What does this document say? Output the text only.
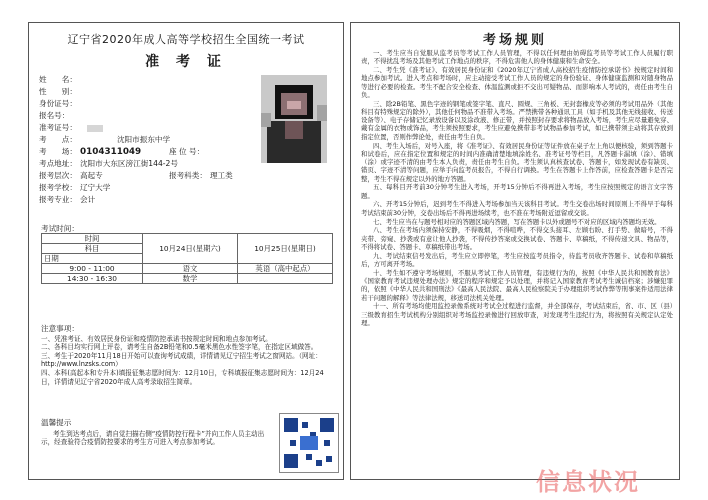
辽宁省2020年成人高等学校招生全国统一考试
准 考 证
姓　　名：
性　　别：
身份证号：
报名号：
准考证号：
考　　点：	沈阳市振东中学
考　　场： 0104311049	座 位 号：
考点地址： 沈阳市大东区滂江街144-2号
报考层次： 高起专	报考科类： 理工类
报考学校： 辽宁大学
报考专业： 会计
考试时间：
时间	10月24日(星期六)	10月25日(星期日)
科目		
日期		
9:00 - 11:00	语文	英语（高中起点）
14:30 - 16:30	数学	

注意事项：

一、凭准考证、有效居民身份证和疫情防控承诺书按规定时间和地点参加考试。

二、各科目均实行网上评卷，请考生自备2B铅笔和0.5毫米黑色水性签字笔，在指定区域做答。

三、考生于2020年11月18日开始可以查询考试成绩，详情请见辽宁招生考试之窗网站。（网址：http://www.lnzsks.com）

四、本科(高起本和专升本)填报征集志愿时间为：12月10日，专科填报征集志愿时间为：12月24日，详情请见辽宁省2020年成人高考录取招生简章。

温馨提示

考生到达考点后，请自觉扫描右侧“疫情防控行程卡”并向工作人员主动出示，经查验符合疫情防控要求的考生方可进入考点参加考试。

考场规则

一、考生应当自觉服从监考员等考试工作人员管理，不得以任何理由妨碍监考员等考试工作人员履行职责，不得扰乱考场及其他考试工作地点的秩序，不得危害他人的身体健康和生命安全。

二、考生凭《准考证》、有效居民身份证和《2020年辽宁省成人高校招生疫情防控承诺书》按规定时间和地点参加考试。进入考点和考场时，应主动接受考试工作人员的规定的身份验证、身体健康监测和对随身物品等进行必要的检查。考生不配合安全检查、体温监测或拒不交出可疑物品、而影响本人考试的，责任由考生自负。

三、除2B铅笔、黑色字迹的钢笔或签字笔、直尺、圆规、三角板、无封套橡皮等必须的考试用品外（其他科目有特殊规定的除外），其他任何物品不准带入考场。严禁携带各种通讯工具（如手机及其他无线接收、传送设备等）、电子存储记忆录放设备以及涂改液、修正带，并按照封存要求将物品放入考场，考生应尽量避免穿、戴有金属的衣物或饰品，考生须按照要求，考生应避免携带非考试物品参加考试，如已携带须主动将其存放到指定位置，否则作弊论处，责任由考生自负。

四、考生入场后，对号入座，将《准考证》、有效居民身份证等证件放在桌子左上角以便核验，须到答题卡和试卷后，应在指定位置和规定的时间内准确清楚地填涂姓名、准考证号等栏目，凡答题卡漏填（涂）、错填（涂）或字迹不清的由考生本人负责，责任由考生自负。考生须认真核查试卷、答题卡，如发现试卷有缺页、错页、字迹不清等问题，应举手向监考员报告，不得自行调换。考生在答题卡上作答前，应检查答题卡是否完整，考生不得在规定以外的地方答题。

五、每科目开考前30分钟考生进入考场，开考15分钟后不得再进入考场，考生应按照规定的语言文字答题。

六、开考15分钟后，迟到考生不得进入考场参加当天该科目考试。考生交卷出场时间原则上不得早于每科考试结束前30分钟，交卷出场后不得再进场续考，也不准在考场附近逗留或交谈。

七、考生应当在与题号相对应的答题区域内答题，写在答题卡以外或题号不对应的区域内答题均无效。

八、考生在考场内须保持安静，不得吸烟，不得喧哗，不得交头接耳、左顾右盼、打手势、做暗号，不得夹带、旁窥、抄袭或有意让他人抄袭，不得传抄答案或交换试卷、答题卡、草稿纸，不得传递文具、物品等，不得将试卷、答题卡、草稿纸带出考场。

九、考试结束信号发出后，考生应立即停笔，考生应按监考员指令，待监考员收齐答题卡、试卷和草稿纸后，方可离开考场。

十、考生如不遵守考场规则，不服从考试工作人员管理，有违规行为的，按照《中华人民共和国教育法》《国家教育考试违规处理办法》规定的程序和规定予以处理，并将记入国家教育考试考生诚信档案；涉嫌犯罪的，依照《中华人民共和国刑法》《最高人民法院、最高人民检察院关于办理组织考试作弊等刑事案件适用法律若干问题的解释》等法律法规，移送司法机关处理。

十一、所有考场均使用监控录像系统对考试全过程进行监督，并全部保存，考试结束后，省、市、区（县）三级教育招生考试机构分别组织对考场监控录像进行回放审查，对发现考生违纪行为，将按照有关规定认定处理。

信息状况
